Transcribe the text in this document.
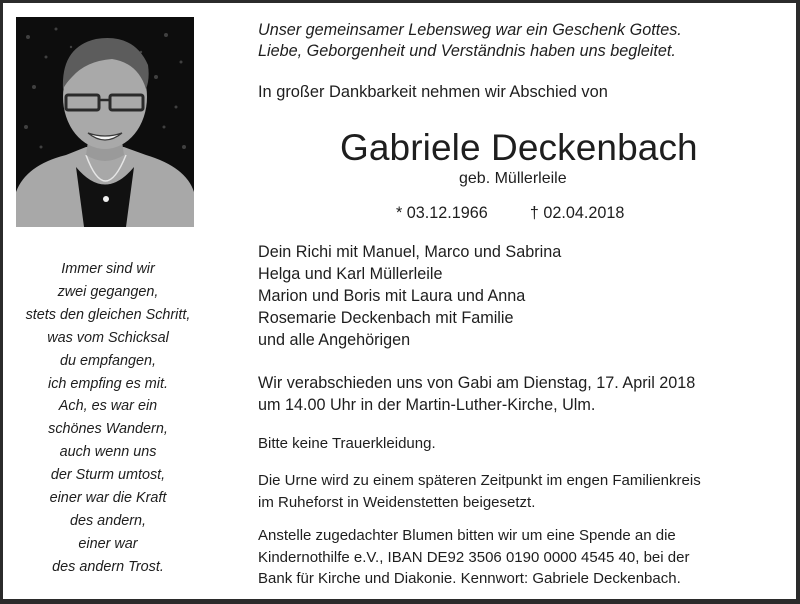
Immer sind wir
zwei gegangen,
stets den gleichen Schritt,
was vom Schicksal
du empfangen,
ich empfing es mit.
Ach, es war ein
schönes Wandern,
auch wenn uns
der Sturm umtost,
einer war die Kraft
des andern,
einer war
des andern Trost.
Unser gemeinsamer Lebensweg war ein Geschenk Gottes.
Liebe, Geborgenheit und Verständnis haben uns begleitet.
In großer Dankbarkeit nehmen wir Abschied von
Gabriele Deckenbach
geb. Müllerleile
* 03.12.1966	† 02.04.2018
Dein Richi mit Manuel, Marco und Sabrina
Helga und Karl Müllerleile
Marion und Boris mit Laura und Anna
Rosemarie Deckenbach mit Familie
und alle Angehörigen
Wir verabschieden uns von Gabi am Dienstag, 17. April 2018
um 14.00 Uhr in der Martin-Luther-Kirche, Ulm.
Bitte keine Trauerkleidung.
Die Urne wird zu einem späteren Zeitpunkt im engen Familienkreis
im Ruheforst in Weidenstetten beigesetzt.
Anstelle zugedachter Blumen bitten wir um eine Spende an die
Kindernothilfe e.V., IBAN DE92 3506 0190 0000 4545 40, bei der
Bank für Kirche und Diakonie. Kennwort: Gabriele Deckenbach.
